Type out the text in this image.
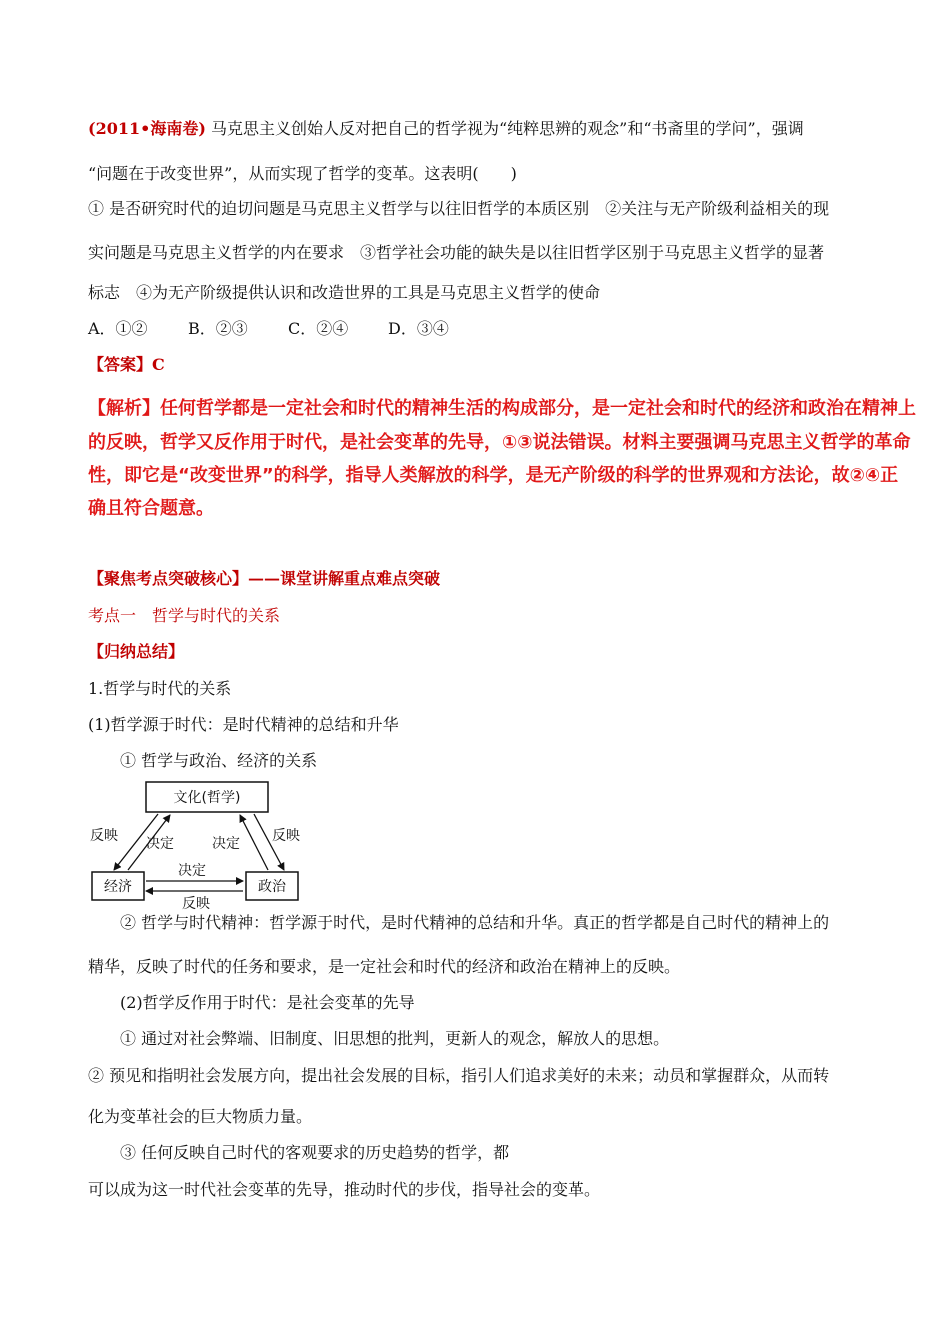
(2011•海南卷) 马克思主义创始人反对把自己的哲学视为“纯粹思辨的观念”和“书斋里的学问”，强调
“问题在于改变世界”，从而实现了哲学的变革。这表明(　　)
① 是否研究时代的迫切问题是马克思主义哲学与以往旧哲学的本质区别　②关注与无产阶级利益相关的现
实问题是马克思主义哲学的内在要求　③哲学社会功能的缺失是以往旧哲学区别于马克思主义哲学的显著
标志　④为无产阶级提供认识和改造世界的工具是马克思主义哲学的使命
A．①②	B．②③	C．②④ D．③④
【答案】C
【解析】任何哲学都是一定社会和时代的精神生活的构成部分，是一定社会和时代的经济和政治在精神上
的反映，哲学又反作用于时代，是社会变革的先导，①③说法错误。材料主要强调马克思主义哲学的革命
性，即它是“改变世界”的科学，指导人类解放的科学，是无产阶级的科学的世界观和方法论，故②④正
确且符合题意。
【聚焦考点突破核心】——课堂讲解重点难点突破
考点一　哲学与时代的关系
【归纳总结】
1.哲学与时代的关系
(1)哲学源于时代：是时代精神的总结和升华
① 哲学与政治、经济的关系
文化(哲学)
经济	政治
反映 决定	决定 反映
决定
反映
② 哲学与时代精神：哲学源于时代，是时代精神的总结和升华。真正的哲学都是自己时代的精神上的
精华，反映了时代的任务和要求，是一定社会和时代的经济和政治在精神上的反映。
(2)哲学反作用于时代：是社会变革的先导
① 通过对社会弊端、旧制度、旧思想的批判，更新人的观念，解放人的思想。
② 预见和指明社会发展方向，提出社会发展的目标，指引人们追求美好的未来；动员和掌握群众，从而转
化为变革社会的巨大物质力量。
③ 任何反映自己时代的客观要求的历史趋势的哲学，都
可以成为这一时代社会变革的先导，推动时代的步伐，指导社会的变革。
